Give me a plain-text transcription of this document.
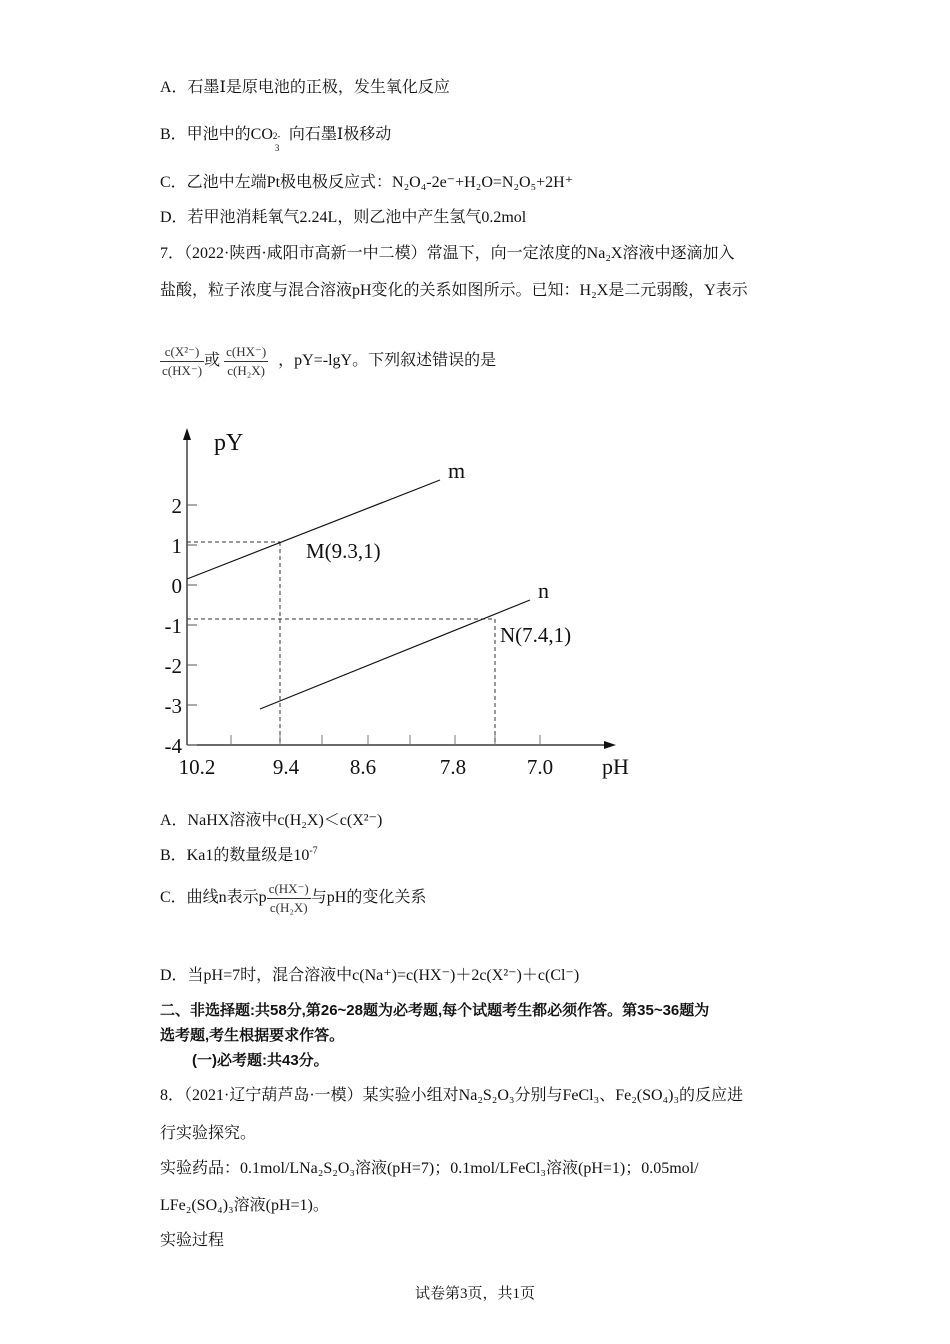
A．石墨Ⅰ是原电池的正极，发生氧化反应
B．甲池中的CO 2-
3
向石墨Ⅰ极移动
C．乙池中左端Pt极电极反应式：N₂O₄-2e⁻+H₂O=N₂O₅+2H⁺
D．若甲池消耗氧气2.24L，则乙池中产生氢气0.2mol
7．（2022·陕西·咸阳市高新一中二模）常温下，向一定浓度的Na₂X溶液中逐滴加入
盐酸，粒子浓度与混合溶液pH变化的关系如图所示。已知：H₂X是二元弱酸，Y表示
$\frac{\text{c(X²⁻)}}{c(HX^-)}$ 或 $\frac{c(HX^-)}{\text{c(H₂X)}}$ ，pY=-lgY。下列叙述错误的是
2
1
0
-1
-2
-3
-4
10.2	9.4 8.6	7.8	7.0
pY
pH
m
n
M(9.3,1)
N(7.4,1)
A．NaHX溶液中c(H₂X)＜c(X²⁻)
B．Ka1的数量级是$10^{-7}$
C．曲线n表示p $\frac{c(HX^-)}{\text{c(H₂X)}}$ 与pH的变化关系
D．当pH=7时，混合溶液中c(Na⁺)=c(HX⁻)＋2c(X²⁻)＋c(Cl⁻)
二、非选择题:共58分,第26~28题为必考题,每个试题考生都必须作答。第35~36题为
选考题,考生根据要求作答。
(一)必考题:共43分。
8．（2021·辽宁葫芦岛·一模）某实验小组对Na₂S₂O₃分别与FeCl₃、Fe₂(SO₄)₃的反应进
行实验探究。
实验药品：0.1mol/LNa₂S₂O₃溶液(pH=7)；0.1mol/LFeCl₃溶液(pH=1)；0.05mol/
LFe₂(SO₄)₃溶液(pH=1)。
实验过程
试卷第3页，共1页
